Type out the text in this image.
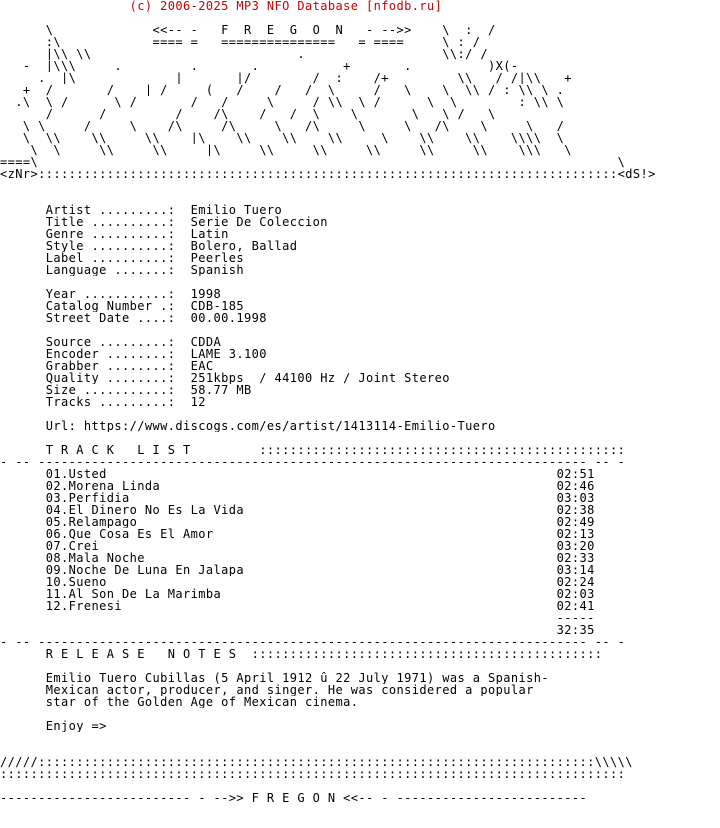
(c) 2006-2025 MP3 NFO Database [nfodb.ru]
\             <<-- -   F  R  E  G  O  N   - -->>    \  :  /
:\  _         ==== =   ===============   = ====    _\ : /_
|\\ \\                           .                  \\:/ /
-  |\\\_____._________.___   _.___________+_______.__________)X(-
_  .  |\___          |_   _  |/ _     _/  :    /+  _____  \\  _/ /|\\   +
+ _/     __/ ___|_/   __(   /  __/  _/  \_   _/   \_   \  \\ / : \\ \_. _
.\  \_/   ___\_/    ___/  _/   __\_____/ \\__\_/   __ \  \    __  : \\ \
____ /      /    _    /    /\    /   /  \    \   _   \   \_/   \  ____
___\ \_____/_____\____/\_____/\_____\___/\_____\_____\___/\____\_____\___/______
___\  \\    \\     \\    |\    \\    \\    \\    _\    \\    \\    \\\\  \____
\  \_____\\_____\\_____|\_____\\_____\\_____\\_____\\_____\\____\\\   \____
====\____________________________________________________________________________\___
<zNr>::::::::::::::::::::::::::::::::::::::::::::::::::::::::::::::::::::::::::::<dS!>
_______________________________________________________________________________
Artist .........: Emilio Tuero
Title ..........: Serie De Coleccion
Genre ..........: Latin
Style ..........: Bolero, Ballad
Label ..........: Peerles
Language .......: Spanish
Year ...........: 1998
Catalog Number .: CDB-185
Street Date ....: 00.00.1998
Source .........: CDDA
Encoder ........: LAME 3.100
Grabber ........: EAC
Quality ........: 251kbps  / 44100 Hz / Joint Stereo
Size ...........: 58.77 MB
Tracks .........: 12
Url: https://www.discogs.com/es/artist/1413114-Emilio-Tuero
T R A C K   L I S T	::::::::::::::::::::::::::::::::::::::::::::::::
- -- ------------------------------------------------------------------------ -- -
01.Usted	02:51
02.Morena Linda	02:46
03.Perfidia	03:03
04.El Dinero No Es La Vida	02:38
05.Relampago	02:49
06.Que Cosa Es El Amor	02:13
07.Crei	03:20
08.Mala Noche	02:33
09.Noche De Luna En Jalapa	03:14
10.Sueno	02:24
11.Al Son De La Marimba	02:03
12.Frenesi	02:41
-----
32:35
- -- ------------------------------------------------------------------------ -- -
R E L E A S E   N O T E S ::::::::::::::::::::::::::::::::::::::::::::::
Emilio Tuero Cubillas (5 April 1912 û 22 July 1971) was a Spanish-
Mexican actor, producer, and singer. He was considered a popular
star of the Golden Age of Mexican cinema.
Enjoy =>
______________________________________________________________________________
/////:::::::::::::::::::::::::::::::::::::::::::::::::::::::::::::::::::::::::\\\\\
::::::::::::::::::::::::::::::::::::::::::::::::::::::::::::::::::::::::::::::::::
------------------------- - -->> F R E G O N <<-- - -------------------------
